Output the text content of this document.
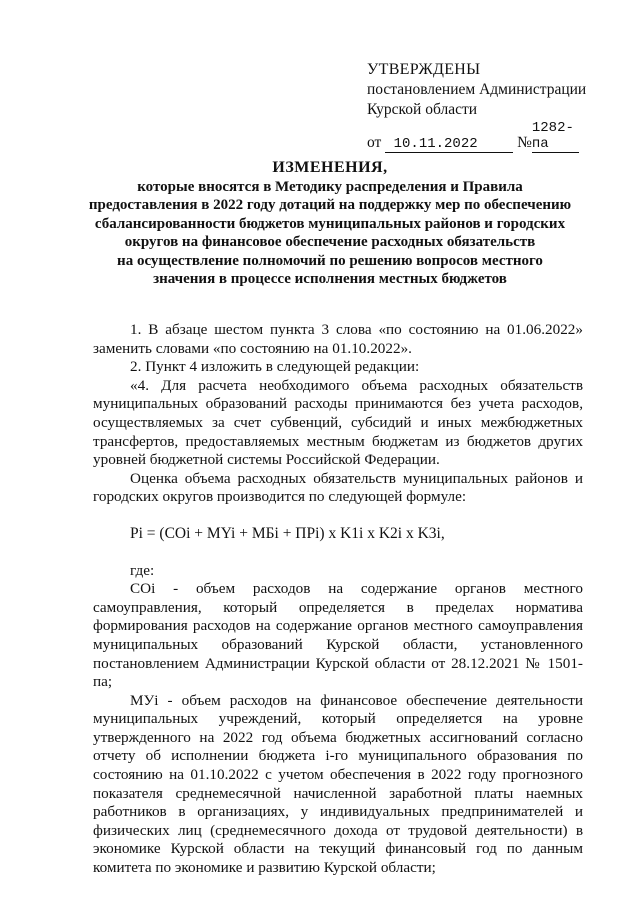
УТВЕРЖДЕНЫ
постановлением Администрации
Курской области
от 10.11.2022	№1282-па
ИЗМЕНЕНИЯ,
которые вносятся в Методику распределения и Правила
предоставления в 2022 году дотаций на поддержку мер по обеспечению
сбалансированности бюджетов муниципальных районов и городских
округов на финансовое обеспечение расходных обязательств
на осуществление полномочий по решению вопросов местного
значения в процессе исполнения местных бюджетов

1. В абзаце шестом пункта 3 слова «по состоянию на 01.06.2022» заменить словами «по состоянию на 01.10.2022».

2. Пункт 4 изложить в следующей редакции:

«4. Для расчета необходимого объема расходных обязательств муниципальных образований расходы принимаются без учета расходов, осуществляемых за счет субвенций, субсидий и иных межбюджетных трансфертов, предоставляемых местным бюджетам из бюджетов других уровней бюджетной системы Российской Федерации.

Оценка объема расходных обязательств муниципальных районов и городских округов производится по следующей формуле:

Pi = (COi + MYi + MБi + ПРi) x K1i x K2i x K3i,

где:

СОi - объем расходов на содержание органов местного самоуправления, который определяется в пределах норматива формирования расходов на содержание органов местного самоуправления муниципальных образований Курской области, установленного постановлением Администрации Курской области от 28.12.2021 № 1501-па;

МУi - объем расходов на финансовое обеспечение деятельности муниципальных учреждений, который определяется на уровне утвержденного на 2022 год объема бюджетных ассигнований согласно отчету об исполнении бюджета i-го муниципального образования по состоянию на 01.10.2022 с учетом обеспечения в 2022 году прогнозного показателя среднемесячной начисленной заработной платы наемных работников в организациях, у индивидуальных предпринимателей и физических лиц (среднемесячного дохода от трудовой деятельности) в экономике Курской области на текущий финансовый год по данным комитета по экономике и развитию Курской области;
